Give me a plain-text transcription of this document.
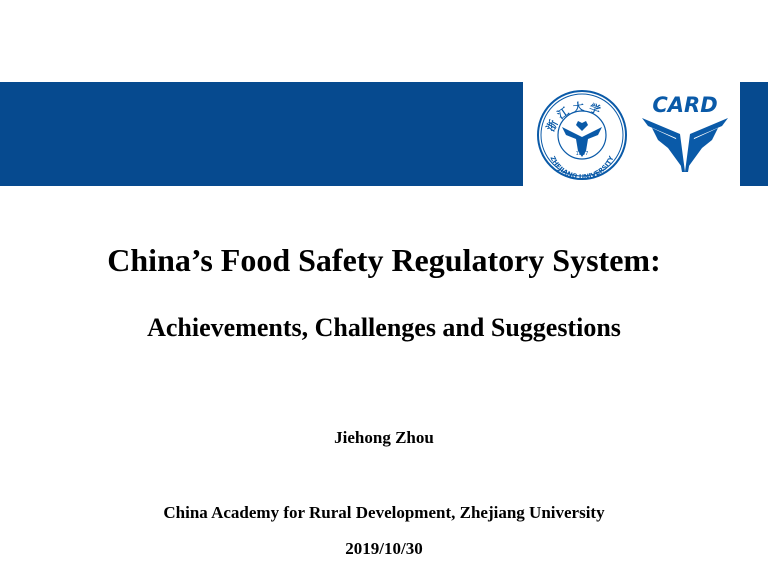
浙 江 大 学
ZHEJIANG UNIVERSITY
1897
CARD
China’s Food Safety Regulatory System:
Achievements, Challenges and Suggestions
Jiehong Zhou
China Academy for Rural Development, Zhejiang University
2019/10/30
